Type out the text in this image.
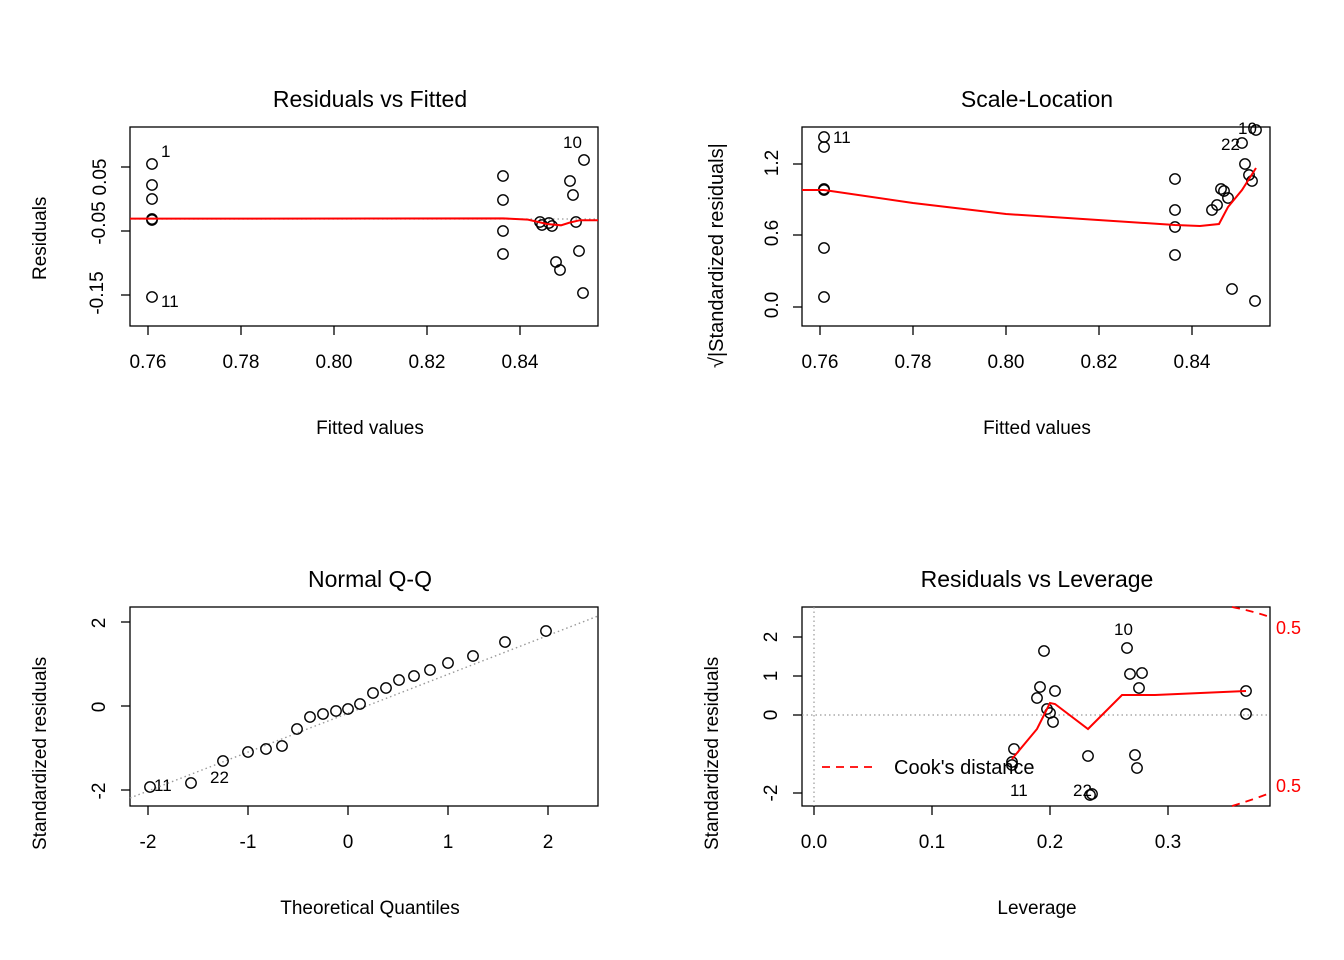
Residuals vs Fitted
Residuals
Fitted values
-0.15
-0.05
0.05
0.76	0.78	0.80	0.82	0.84
1
11
10
Scale-Location
√|Standardized residuals|
Fitted values
0.0
0.6
1.2
0.76	0.78	0.80	0.82	0.84
11	22
10
Normal Q-Q
Standardized residuals
Theoretical Quantiles
-2
0
2
-2	-1	0	1	2
11 22
Residuals vs Leverage
Standardized residuals
Leverage
-2
0
1
2
0.0	0.1	0.2	0.3
11	22
10	0.5
0.5
Cook's distance
